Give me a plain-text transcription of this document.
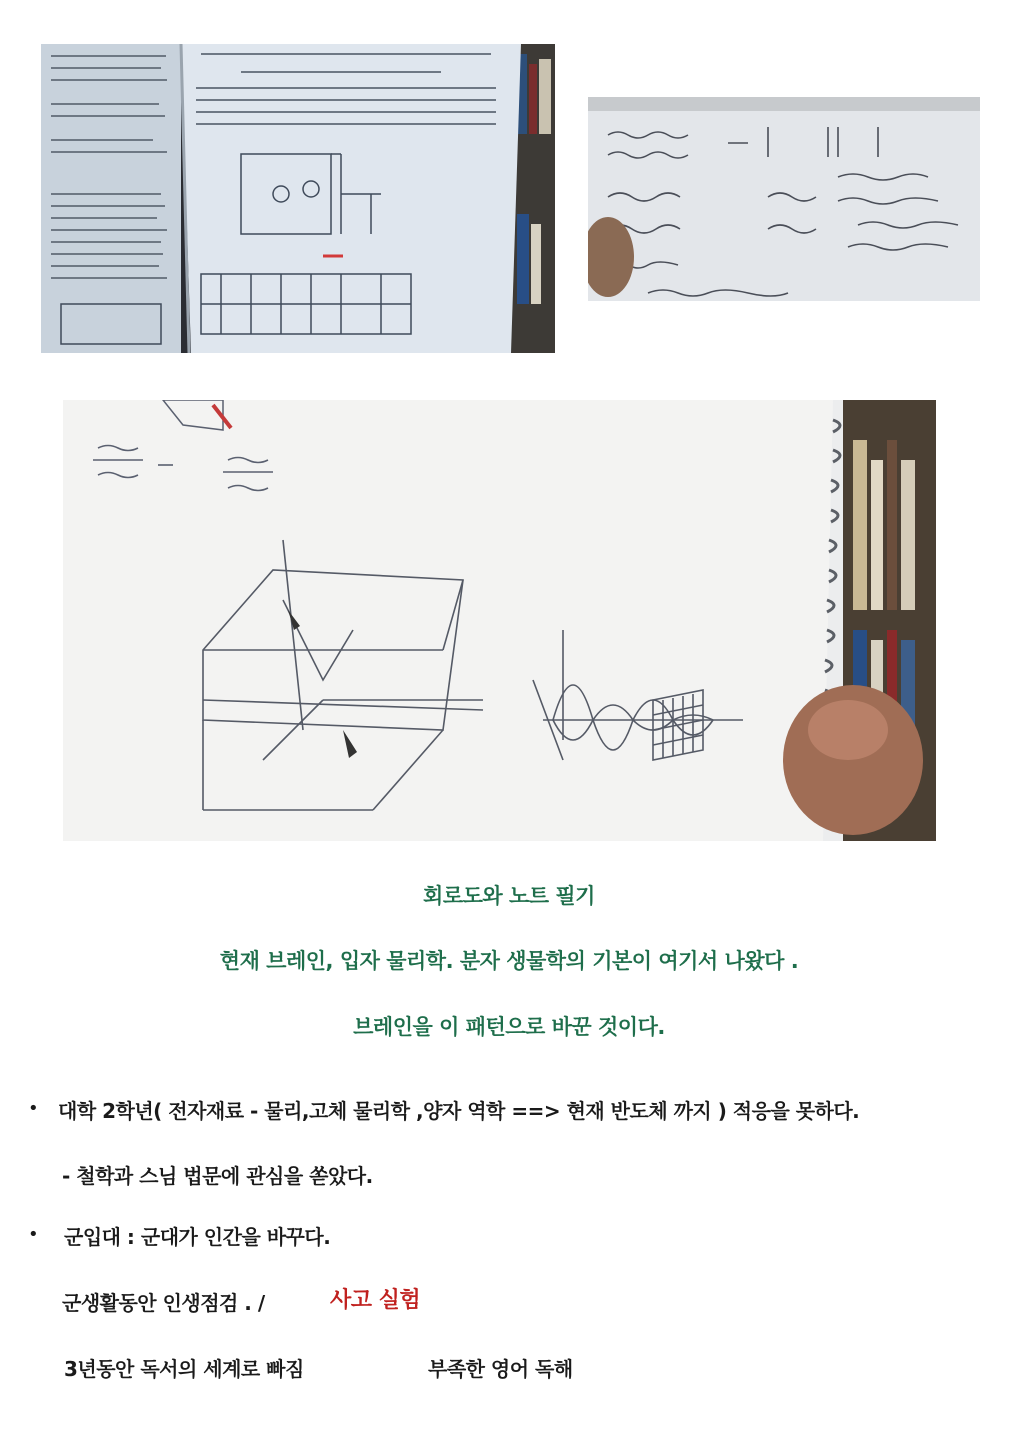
회로도와 노트 필기
현재 브레인, 입자 물리학. 분자 생물학의 기본이 여기서 나왔다 .
브레인을 이 패턴으로 바꾼 것이다.
• 대학 2학년( 전자재료 - 물리,고체 물리학 ,양자 역학 ==> 현재 반도체 까지 ) 적응을 못하다.
- 철학과 스님 법문에 관심을 쏟았다.
• 군입대 : 군대가 인간을 바꾸다.
군생활동안 인생점검 . /	사고 실험
3년동안 독서의 세계로 빠짐	부족한 영어 독해
